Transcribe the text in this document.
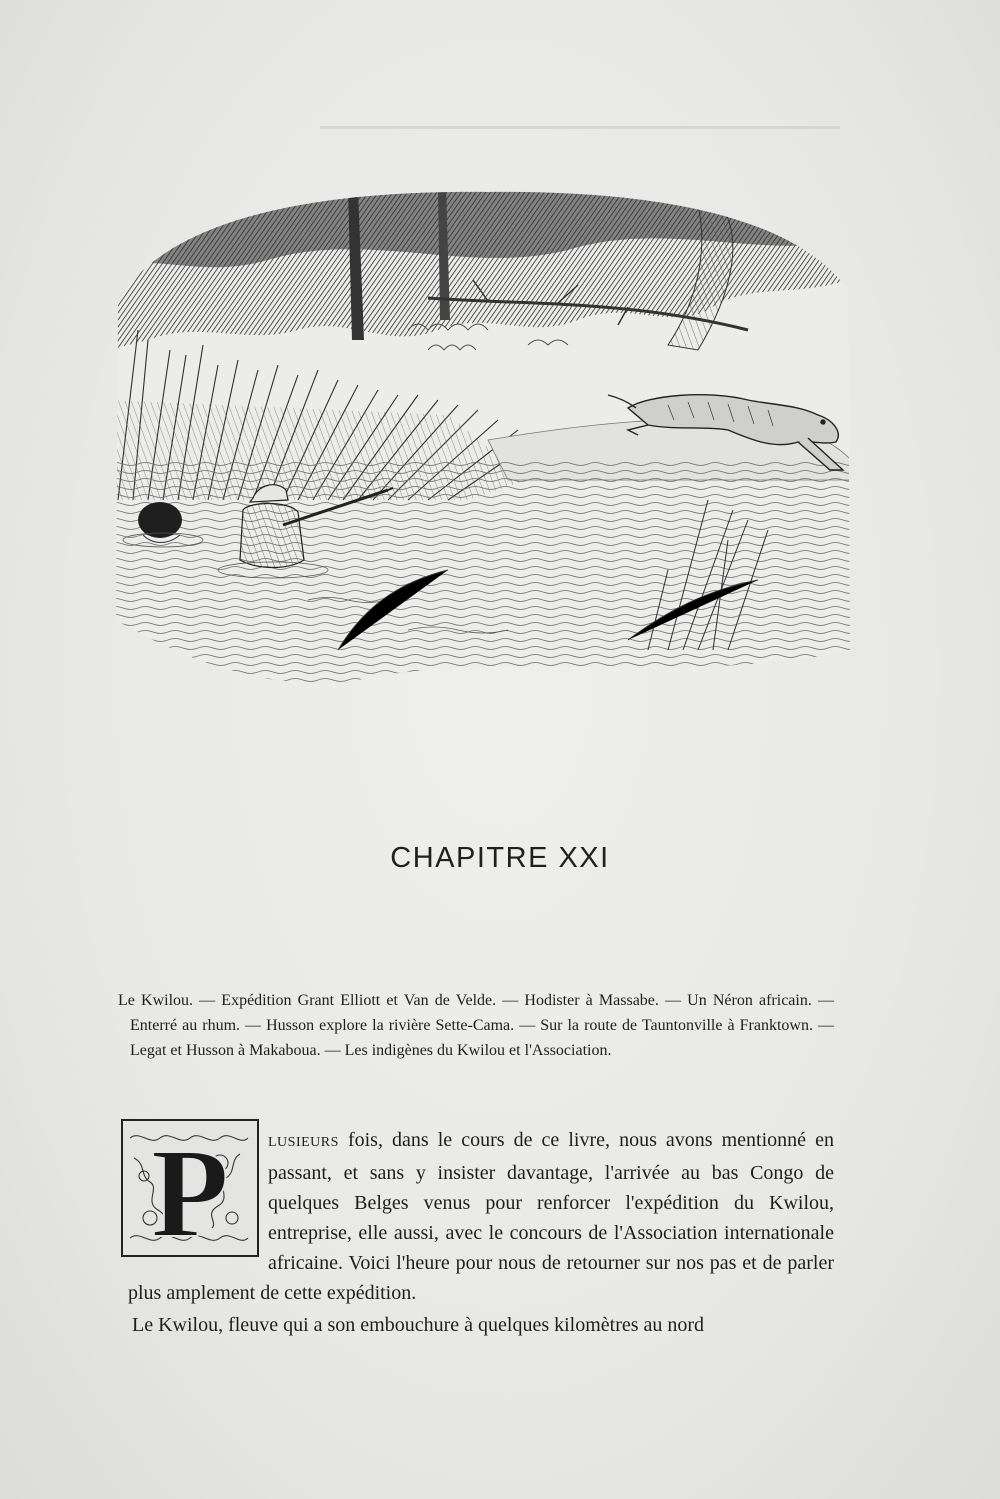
CHAPITRE XXI

Le Kwilou. — Expédition Grant Elliott et Van de Velde. — Hodister à Massabe. — Un Néron africain. — Enterré au rhum. — Husson explore la rivière Sette-Cama. — Sur la route de Tauntonville à Franktown. — Legat et Husson à Makaboua. — Les indigènes du Kwilou et l'Association.

P	LUSIEURS fois, dans le cours de ce livre, nous avons mentionné en passant, et sans y insister davantage, l'arrivée au bas Congo de quelques Belges venus pour renforcer l'expédition du Kwilou, entreprise, elle aussi, avec le concours de l'Association internationale africaine. Voici l'heure pour nous de retourner sur nos pas et de parler plus amplement de cette expédition.

Le Kwilou, fleuve qui a son embouchure à quelques kilomètres au nord
